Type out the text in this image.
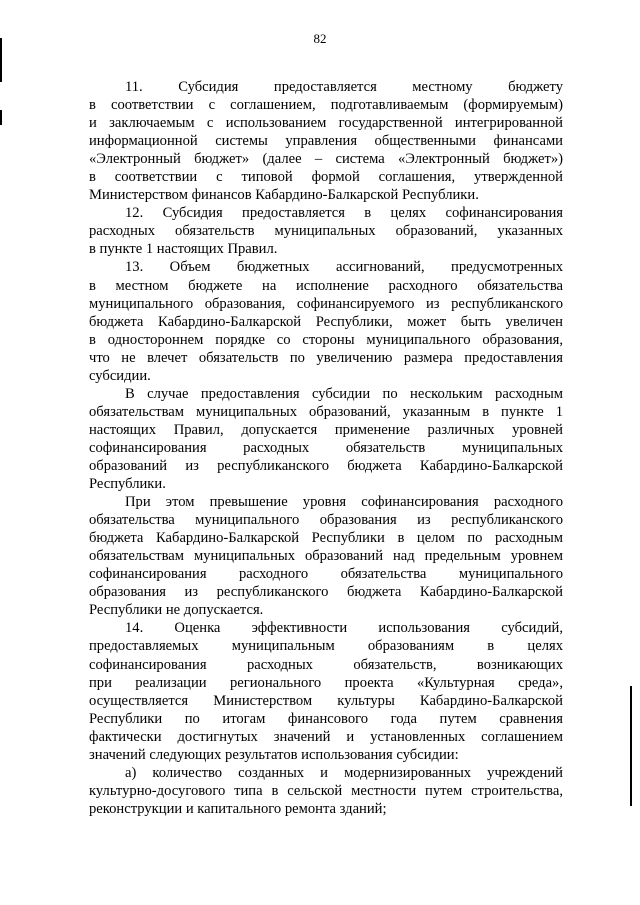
82
11. Субсидия предоставляется местному бюджету
в соответствии с соглашением, подготавливаемым (формируемым)
и заключаемым с использованием государственной интегрированной
информационной системы управления общественными финансами
«Электронный бюджет» (далее – система «Электронный бюджет»)
в соответствии с типовой формой соглашения, утвержденной
Министерством финансов Кабардино-Балкарской Республики.
12. Субсидия предоставляется в целях софинансирования
расходных обязательств муниципальных образований, указанных
в пункте 1 настоящих Правил.
13. Объем бюджетных ассигнований, предусмотренных
в местном бюджете на исполнение расходного обязательства
муниципального образования, софинансируемого из республиканского
бюджета Кабардино-Балкарской Республики, может быть увеличен
в одностороннем порядке со стороны муниципального образования,
что не влечет обязательств по увеличению размера предоставления
субсидии.
В случае предоставления субсидии по нескольким расходным
обязательствам муниципальных образований, указанным в пункте 1
настоящих Правил, допускается применение различных уровней
софинансирования расходных обязательств муниципальных
образований из республиканского бюджета Кабардино-Балкарской
Республики.
При этом превышение уровня софинансирования расходного
обязательства муниципального образования из республиканского
бюджета Кабардино-Балкарской Республики в целом по расходным
обязательствам муниципальных образований над предельным уровнем
софинансирования расходного обязательства муниципального
образования из республиканского бюджета Кабардино-Балкарской
Республики не допускается.
14. Оценка эффективности использования субсидий,
предоставляемых муниципальным образованиям в целях
софинансирования расходных обязательств, возникающих
при реализации регионального проекта «Культурная среда»,
осуществляется Министерством культуры Кабардино-Балкарской
Республики по итогам финансового года путем сравнения
фактически достигнутых значений и установленных соглашением
значений следующих результатов использования субсидии:
а) количество созданных и модернизированных учреждений
культурно-досугового типа в сельской местности путем строительства,
реконструкции и капитального ремонта зданий;
